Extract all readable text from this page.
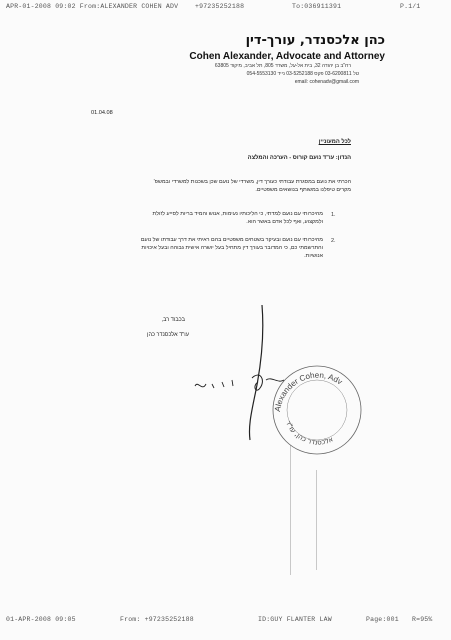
APR-01-2008 09:02 From:ALEXANDER COHEN ADV	+97235252188	To:036911391	P.1/1
כהן אלכסנדר, עורך-דין
Cohen Alexander, Advocate and Attorney
רח"ב בן יהודה 32, בית אל-על, משרד 805, תל אביב, מיקוד 63805
טל 03-6200811 פקס 03-5252188 נייד 054-5553130
email: cohenadv@gmail.com
01.04.08
לכל המעוניין
הנדון: עו"ד נועם קורוס - הערכה והמלצה
הכרתי את נועם במסגרת עבודתי כעורך דין, משרדי של נועם שכן בשכנות למשרדי ובמשפ'
מקרים טיפלנו במשותף בנושאים משפטיים.
1.
מהיכרותי עם נועם למדתי, כי הליכותיו נעימות, אנוש והמיד בריות לסייע לזולת
ולמקצוע, ואף לכל אדם באשר הוא.
2.
מהיכרותי עם נועם ובעיקר בשטחים משפטיים בהם ראיתי את דרך עבודתו של נועם
והתרשמתי כם, כי המדובר בעורך דין מתחיל בעל יושרה אישית גבוהה ובעל איכויות
אנושיות.
בכבוד רב,
עו"ד אלכסנדר כהן
Alexander Cohen, Adv
אלכסנדר כהן, עו"ד
01-APR-2008 09:05	From: +97235252188	ID:GUY FLANTER LAW	Page:001 R=95%
